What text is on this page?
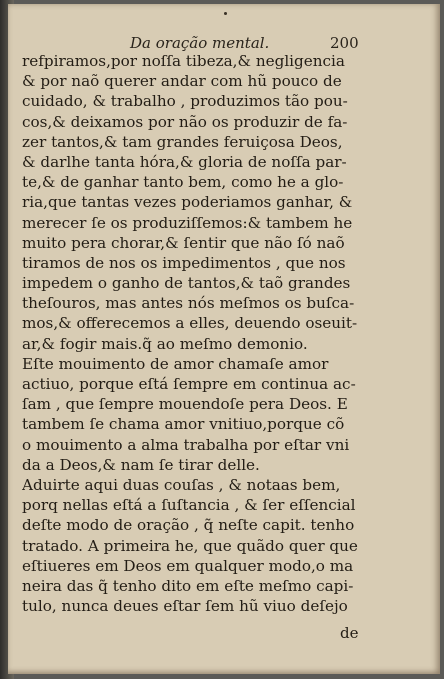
Da oração mental.	200
refpiramos,por noſſa tibeza,& negligencia
& por naõ querer andar com hũ pouco de
cuidado, & trabalho , produzimos tão pou-
cos,& deixamos por não os produzir de fa-
zer tantos,& tam grandes feruiçosa Deos,
& darlhe tanta hóra,& gloria de noſſa par-
te,& de ganhar tanto bem, como he a glo-
ria,que tantas vezes poderiamos ganhar, &
merecer ſe os produziſſemos:& tambem he
muito pera chorar,& ſentir que não ſó naõ
tiramos de nos os impedimentos , que nos
impedem o ganho de tantos,& taõ grandes
theſouros, mas antes nós meſmos os buſca-
mos,& offerecemos a elles, deuendo oseuit-
ar,& fogir mais.q̃ ao meſmo demonio.
Eſte mouimento de amor chamaſe amor
actiuo, porque eſtá ſempre em continua ac-
ſam , que ſempre mouendoſe pera Deos. E
tambem ſe chama amor vnitiuo,porque cõ
o mouimento a alma trabalha por eſtar vni
da a Deos,& nam ſe tirar delle.
Aduirte aqui duas couſas , & notaas bem,
porq nellas eſtá a ſuſtancia , & ſer eſſencial
deſte modo de oração , q̃ neſte capit. tenho
tratado. A primeira he, que quãdo quer que
eſtiueres em Deos em qualquer modo,o ma
neira das q̃ tenho dito em eſte meſmo capi-
tulo, nunca deues eſtar ſem hũ viuo deſejo
de
